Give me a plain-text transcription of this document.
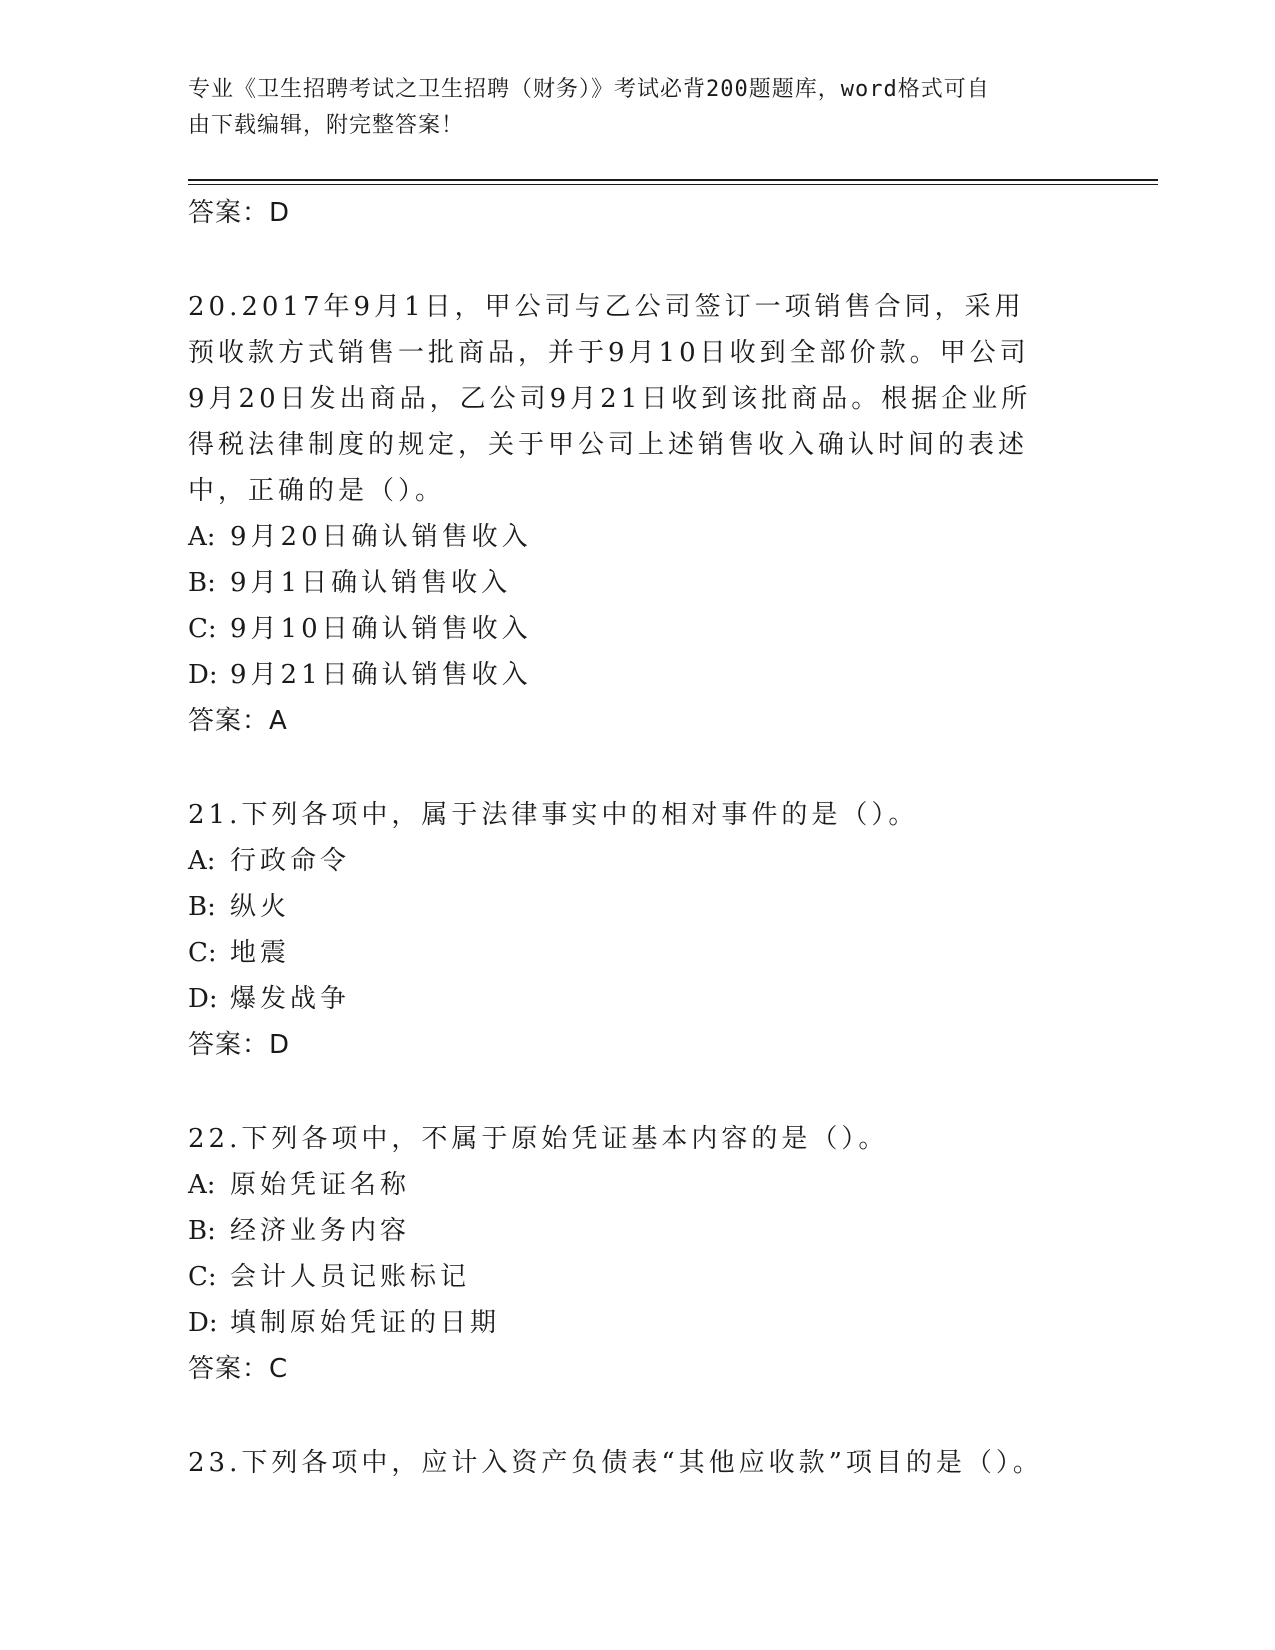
专业《卫生招聘考试之卫生招聘（财务）》考试必背200题题库，word格式可自
由下载编辑，附完整答案！
答案：D
20.2017年9月1日，甲公司与乙公司签订一项销售合同，采用预收款方式销售一批商品，并于9月10日收到全部价款。甲公司9月20日发出商品，乙公司9月21日收到该批商品。根据企业所得税法律制度的规定，关于甲公司上述销售收入确认时间的表述中，正确的是（）。
A: 9月20日确认销售收入
B: 9月1日确认销售收入
C: 9月10日确认销售收入
D: 9月21日确认销售收入
答案：A
21.下列各项中，属于法律事实中的相对事件的是（）。
A: 行政命令
B: 纵火
C: 地震
D: 爆发战争
答案：D
22.下列各项中，不属于原始凭证基本内容的是（）。
A: 原始凭证名称
B: 经济业务内容
C: 会计人员记账标记
D: 填制原始凭证的日期
答案：C
23.下列各项中，应计入资产负债表“其他应收款”项目的是（）。
